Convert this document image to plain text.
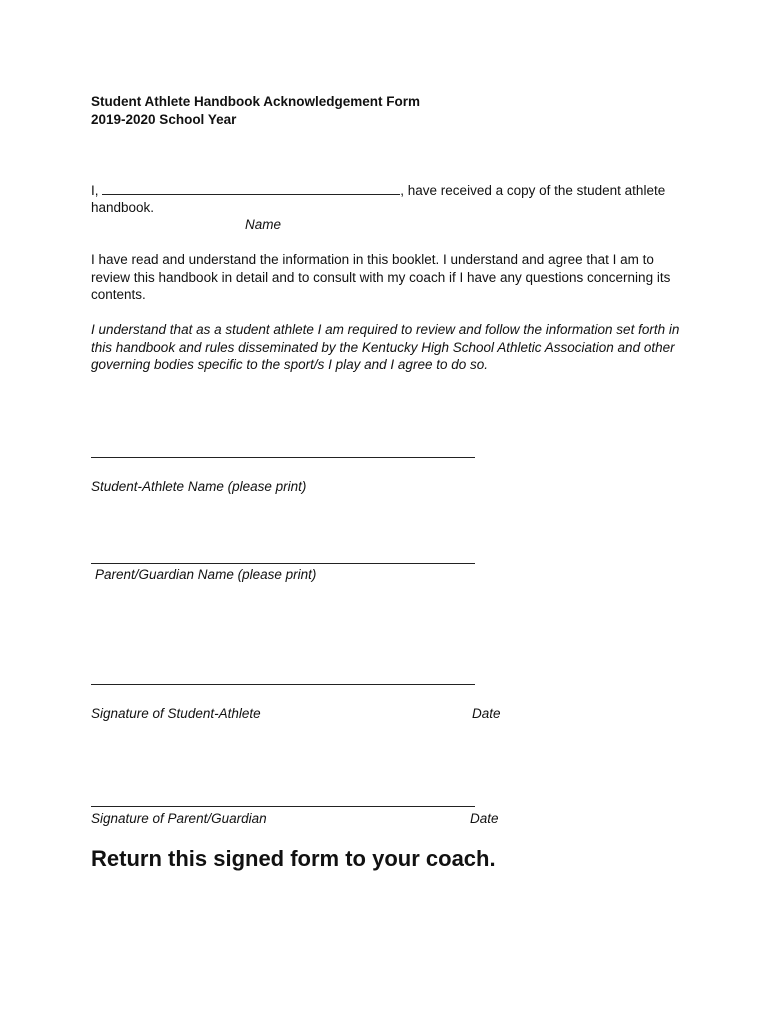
Student Athlete Handbook Acknowledgement Form

2019-2020 School Year

I,	, have received a copy of the student athlete

handbook.

Name

I have read and understand the information in this booklet. I understand and agree that I am to review this handbook in detail and to consult with my coach if I have any questions concerning its contents.

I understand that as a student athlete I am required to review and follow the information set forth in this handbook and rules disseminated by the Kentucky High School Athletic Association and other governing bodies specific to the sport/s I play and I agree to do so.

Student-Athlete Name (please print)

Parent/Guardian Name (please print)

Signature of Student-Athlete	Date

Signature of Parent/Guardian	Date

Return this signed form to your coach.
